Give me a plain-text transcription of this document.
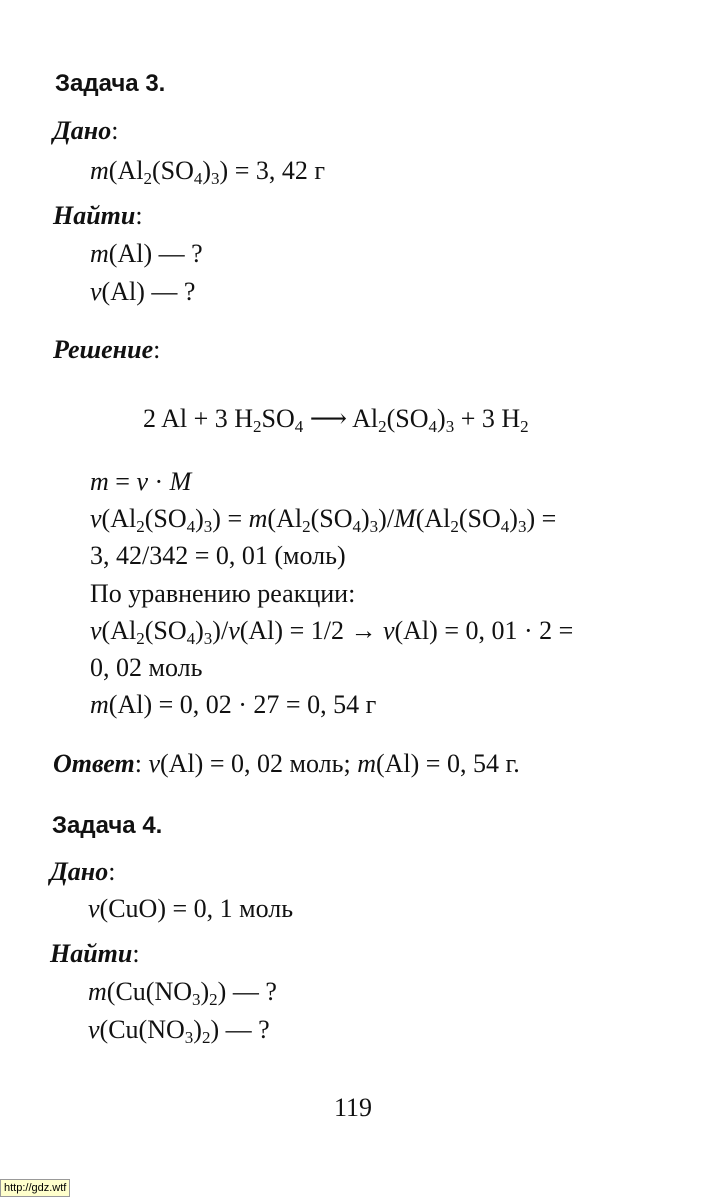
Задача 3.
Дано:
$m(Al_2(SO_4)_3) = 3$, 42 г
Найти:
m(Al) — ?
ν(Al) — ?
Решение:
2 Al + 3 $H_2SO_4$ ⟶ $Al_2(SO_4)_3 + 3$ $H_2$
m = ν · M
$\nu(Al_2(SO_4)_3) = m(Al_2(SO_4)_3)/M(Al_2(SO_4)_3)$ =
3, 42/342 = 0, 01 (моль)
По уравнению реакции:
$\nu(Al_2(SO_4)_3)/\nu(Al) = 1/2 \to \nu(Al) = 0$, 01 · 2 =
0, 02 моль
m(Al) = 0, 02 · 27 = 0, 54 г
Ответ: ν(Al) = 0, 02 моль; m(Al) = 0, 54 г.
Задача 4.
Дано:
ν(CuO) = 0, 1 моль
Найти:
$m(Cu(NO_3)_2)$ — ?
$\nu(Cu(NO_3)_2)$ — ?
119
http://gdz.wtf
